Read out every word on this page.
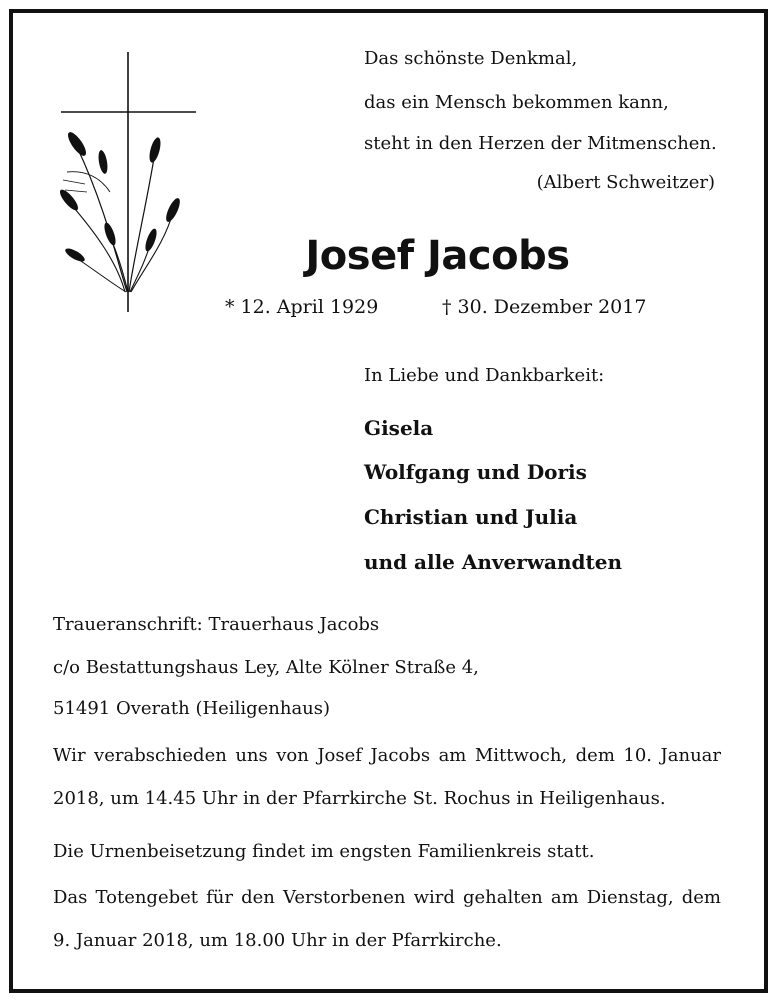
Das schönste Denkmal,
das ein Mensch bekommen kann,
steht in den Herzen der Mitmenschen.
(Albert Schweitzer)
Josef Jacobs
* 12. April 1929	† 30. Dezember 2017
In Liebe und Dankbarkeit:
Gisela
Wolfgang und Doris
Christian und Julia
und alle Anverwandten
Traueranschrift: Trauerhaus Jacobs
c/o Bestattungshaus Ley, Alte Kölner Straße 4,
51491 Overath (Heiligenhaus)
Wir verabschieden uns von Josef Jacobs am Mittwoch, dem 10. Januar
2018, um 14.45 Uhr in der Pfarrkirche St. Rochus in Heiligenhaus.
Die Urnenbeisetzung findet im engsten Familienkreis statt.
Das Totengebet für den Verstorbenen wird gehalten am Dienstag, dem
9. Januar 2018, um 18.00 Uhr in der Pfarrkirche.
